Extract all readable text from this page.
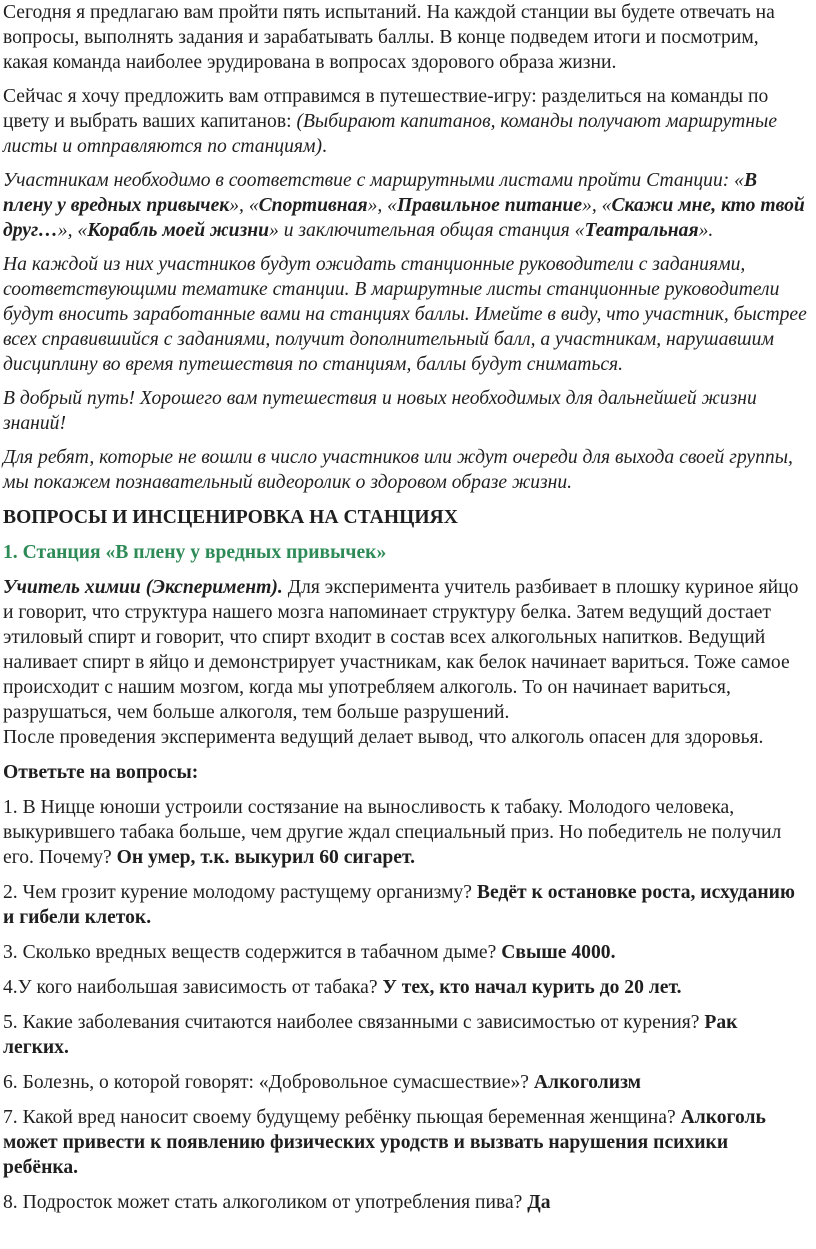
Сегодня я предлагаю вам пройти пять испытаний. На каждой станции вы будете отвечать на вопросы, выполнять задания и зарабатывать баллы. В конце подведем итоги и посмотрим, какая команда наиболее эрудирована в вопросах здорового образа жизни.

Сейчас я хочу предложить вам отправимся в путешествие-игру: разделиться на команды по цвету и выбрать ваших капитанов: (Выбирают капитанов, команды получают маршрутные листы и отправляются по станциям).

Участникам необходимо в соответствие с маршрутными листами пройти Станции: «В плену у вредных привычек», «Спортивная», «Правильное питание», «Скажи мне, кто твой друг…», «Корабль моей жизни» и заключительная общая станция «Театральная».

На каждой из них участников будут ожидать станционные руководители с заданиями, соответствующими тематике станции. В маршрутные листы станционные руководители будут вносить заработанные вами на станциях баллы. Имейте в виду, что участник, быстрее всех справившийся с заданиями, получит дополнительный балл, а участникам, нарушавшим дисциплину во время путешествия по станциям, баллы будут сниматься.

В добрый путь! Хорошего вам путешествия и новых необходимых для дальнейшей жизни знаний!

Для ребят, которые не вошли в число участников или ждут очереди для выхода своей группы, мы покажем познавательный видеоролик о здоровом образе жизни.

ВОПРОСЫ И ИНСЦЕНИРОВКА НА СТАНЦИЯХ
1. Станция «В плену у вредных привычек»

Учитель химии (Эксперимент). Для эксперимента учитель разбивает в плошку куриное яйцо и говорит, что структура нашего мозга напоминает структуру белка. Затем ведущий достает этиловый спирт и говорит, что спирт входит в состав всех алкогольных напитков. Ведущий наливает спирт в яйцо и демонстрирует участникам, как белок начинает вариться. Тоже самое происходит с нашим мозгом, когда мы употребляем алкоголь. То он начинает вариться, разрушаться, чем больше алкоголя, тем больше разрушений.
После проведения эксперимента ведущий делает вывод, что алкоголь опасен для здоровья.

Ответьте на вопросы:

1. В Ницце юноши устроили состязание на выносливость к табаку. Молодого человека, выкурившего табака больше, чем другие ждал специальный приз. Но победитель не получил его. Почему? Он умер, т.к. выкурил 60 сигарет.

2. Чем грозит курение молодому растущему организму? Ведёт к остановке роста, исхуданию и гибели клеток.

3. Сколько вредных веществ содержится в табачном дыме? Свыше 4000.

4.У кого наибольшая зависимость от табака? У тех, кто начал курить до 20 лет.

5. Какие заболевания считаются наиболее связанными с зависимостью от курения? Рак легких.

6. Болезнь, о которой говорят: «Добровольное сумасшествие»? Алкоголизм

7. Какой вред наносит своему будущему ребёнку пьющая беременная женщина? Алкоголь может привести к появлению физических уродств и вызвать нарушения психики ребёнка.

8. Подросток может стать алкоголиком от употребления пива? Да
